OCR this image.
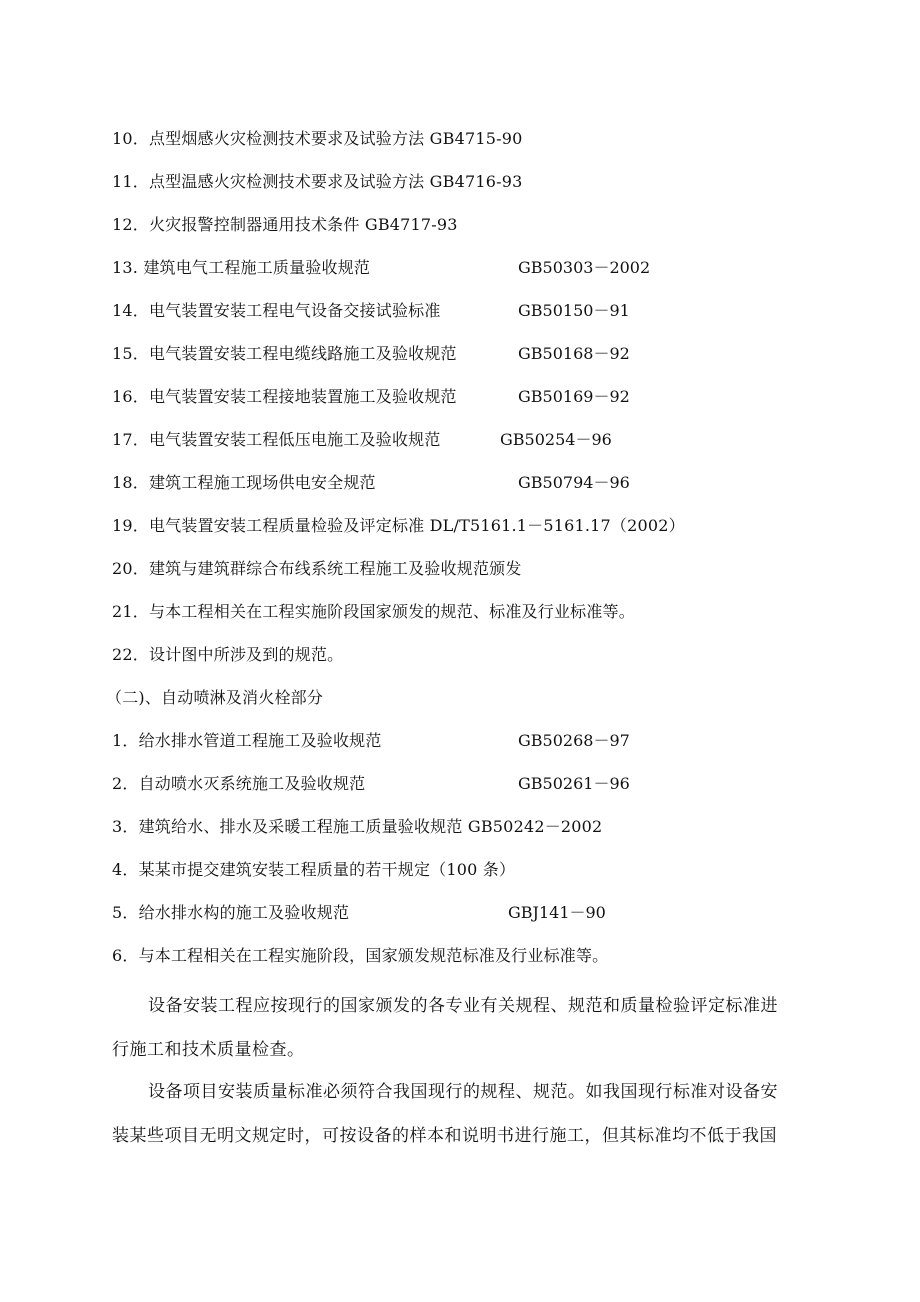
10．点型烟感火灾检测技术要求及试验方法 GB4715-90
11．点型温感火灾检测技术要求及试验方法 GB4716-93
12．火灾报警控制器通用技术条件 GB4717-93
13. 建筑电气工程施工质量验收规范	GB50303－2002
14．电气装置安装工程电气设备交接试验标准	GB50150－91
15．电气装置安装工程电缆线路施工及验收规范	GB50168－92
16．电气装置安装工程接地装置施工及验收规范	GB50169－92
17．电气装置安装工程低压电施工及验收规范	GB50254－96
18．建筑工程施工现场供电安全规范	GB50794－96
19．电气装置安装工程质量检验及评定标准 DL/T5161.1－5161.17（2002）
20．建筑与建筑群综合布线系统工程施工及验收规范颁发
21．与本工程相关在工程实施阶段国家颁发的规范、标准及行业标准等。
22．设计图中所涉及到的规范。
（二)、自动喷淋及消火栓部分
1．给水排水管道工程施工及验收规范	GB50268－97
2．自动喷水灭系统施工及验收规范	GB50261－96
3．建筑给水、排水及采暖工程施工质量验收规范 GB50242－2002
4．某某市提交建筑安装工程质量的若干规定（100 条）
5．给水排水构的施工及验收规范	GBJ141－90
6．与本工程相关在工程实施阶段，国家颁发规范标准及行业标准等。
设备安装工程应按现行的国家颁发的各专业有关规程、规范和质量检验评定标准进
行施工和技术质量检查。
设备项目安装质量标准必须符合我国现行的规程、规范。如我国现行标准对设备安
装某些项目无明文规定时，可按设备的样本和说明书进行施工，但其标准均不低于我国
